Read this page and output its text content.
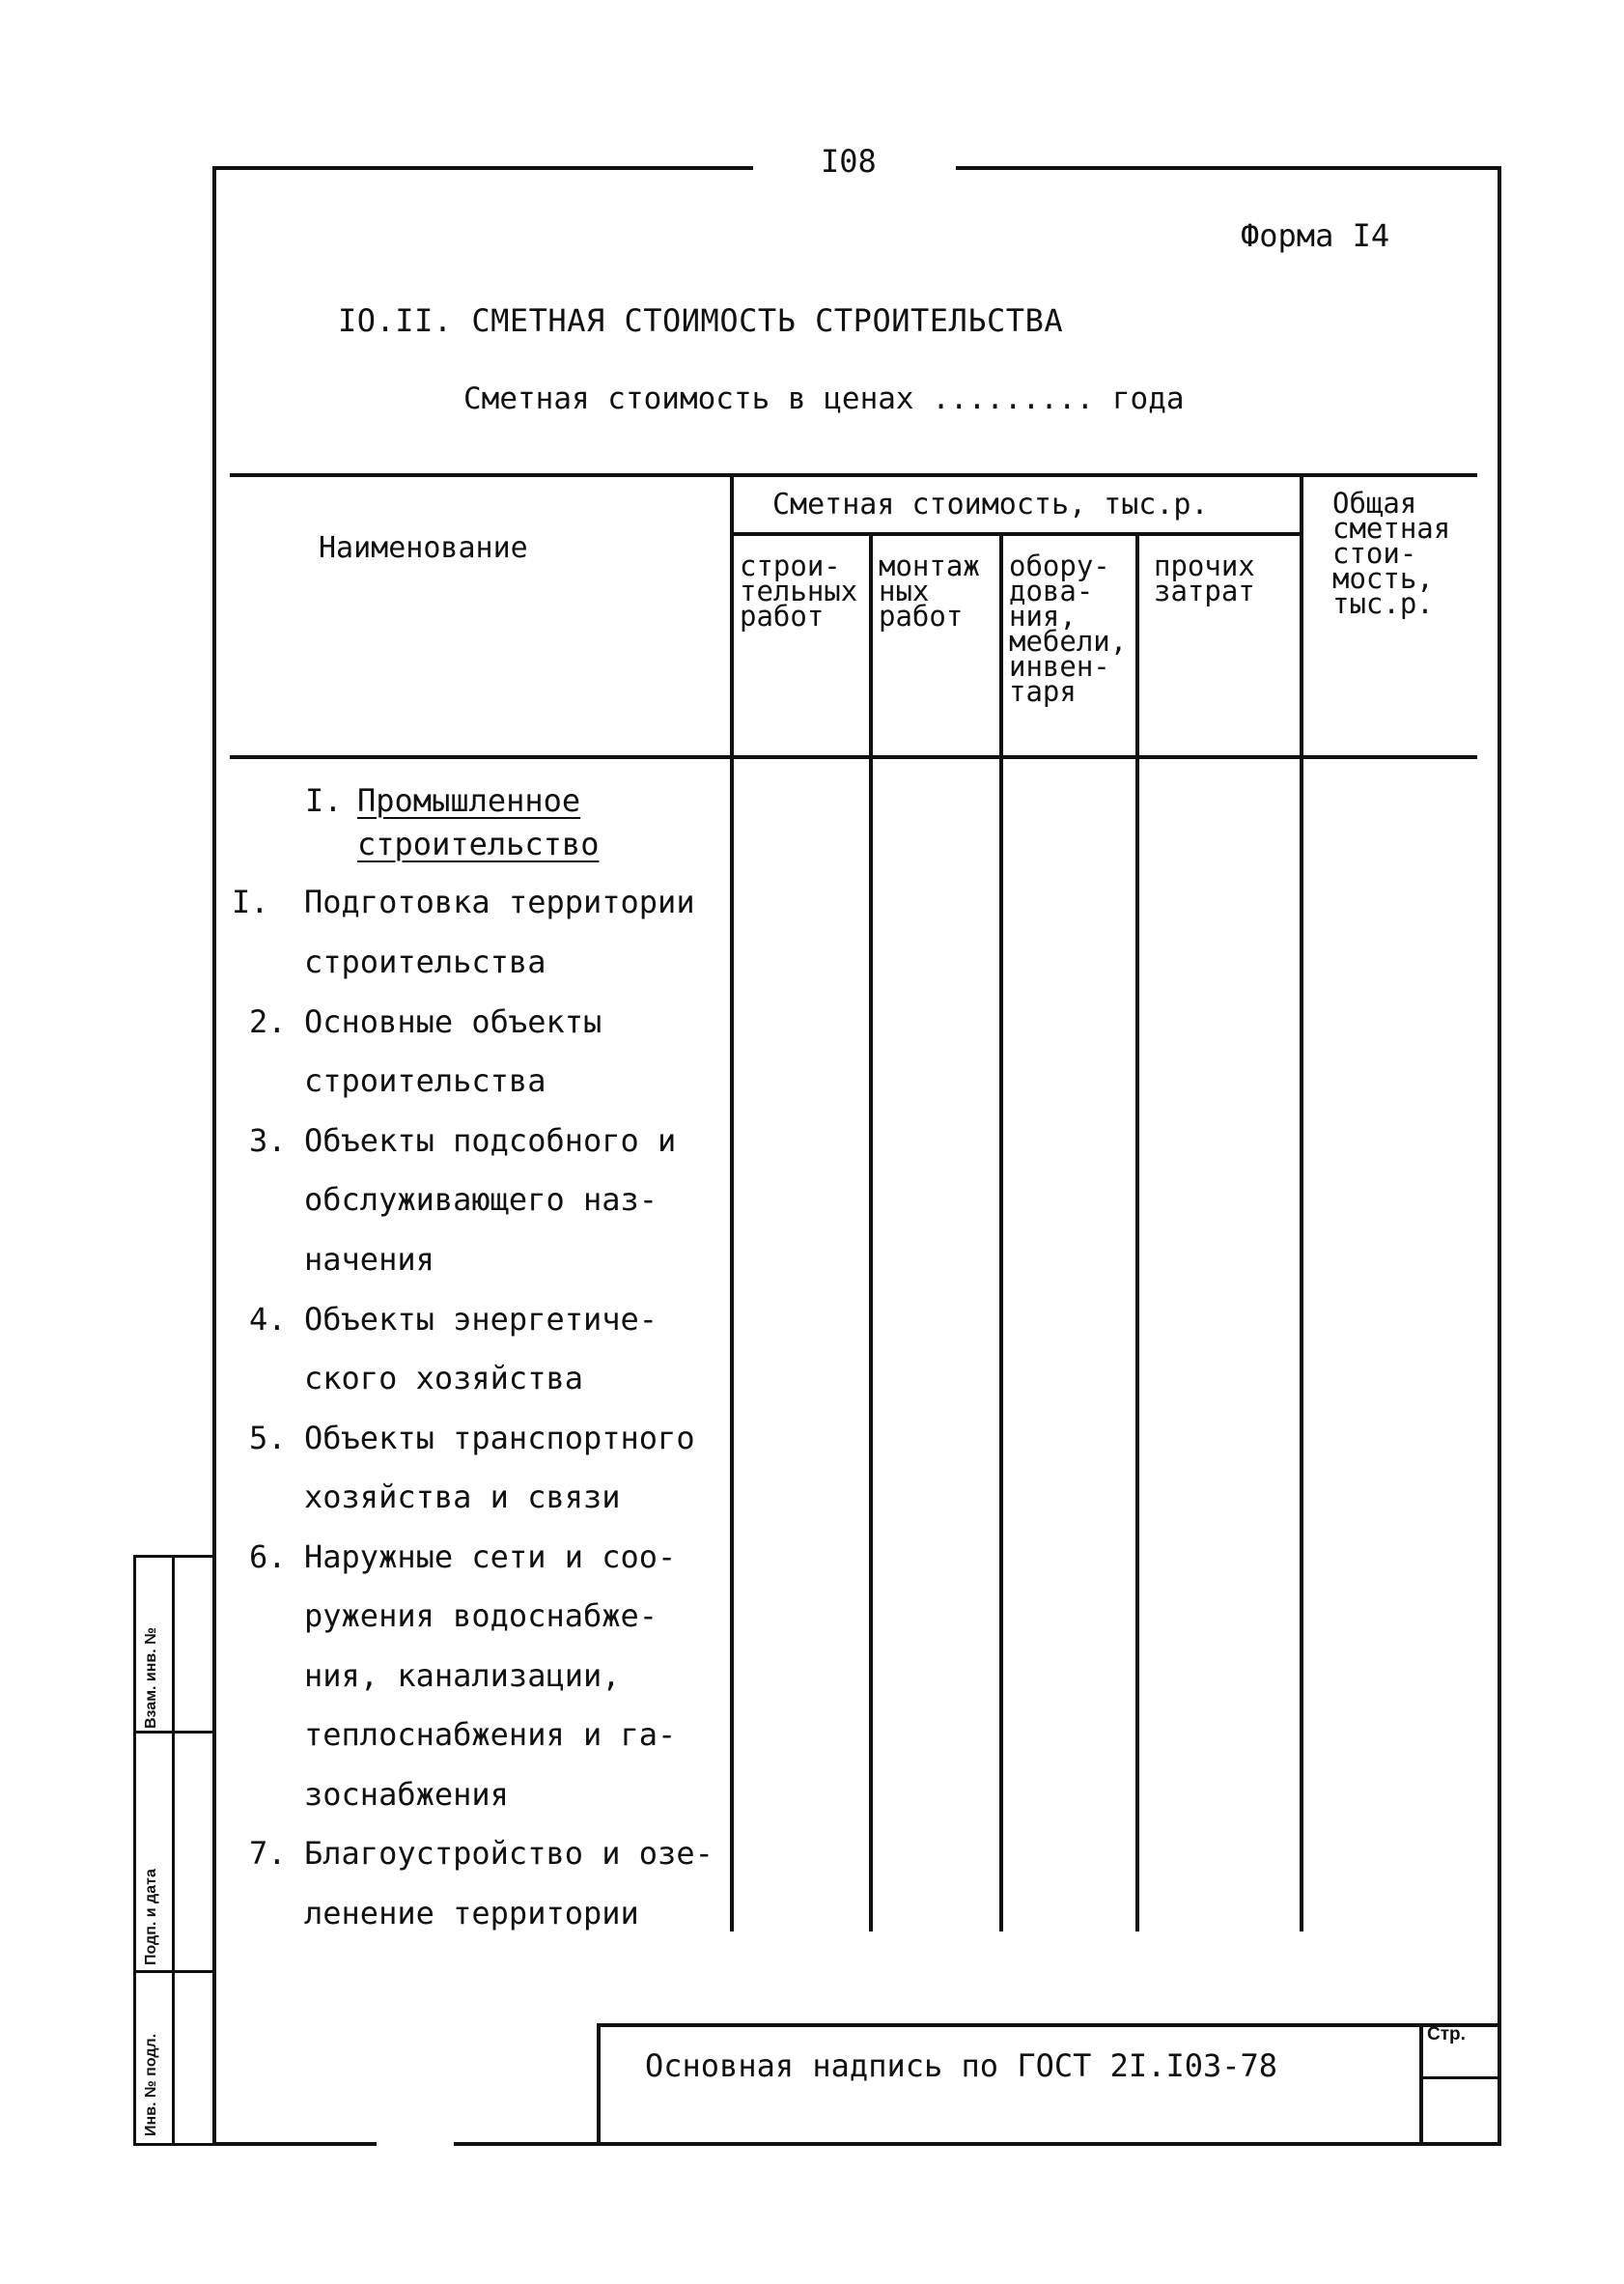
I08
Форма I4
IO.II. СМЕТНАЯ СТОИМОСТЬ СТРОИТЕЛЬСТВА
Сметная стоимость в ценах ......... года
Наименование
Сметная стоимость, тыс.р.
строи-
тельных
работ
монтаж
ных
работ
обору-
дова-
ния,
мебели,
инвен-
таря
прочих
затрат
Общая
сметная
стои-
мость,
тыс.р.
I. Промышленное
строительство
I. Подготовка территории
строительства
2. Основные объекты
строительства
3. Объекты подсобного и
обслуживающего наз-
начения
4. Объекты энергетиче-
ского хозяйства
5. Объекты транспортного
хозяйства и связи
6. Наружные сети и соо-
ружения водоснабже-
ния, канализации,
теплоснабжения и га-
зоснабжения
7. Благоустройство и озе-
ленение территории
Взам. инв. №
Подп. и дата
Инв. № подл.	Основная надпись по ГОСТ 2I.I03-78
Стр.
